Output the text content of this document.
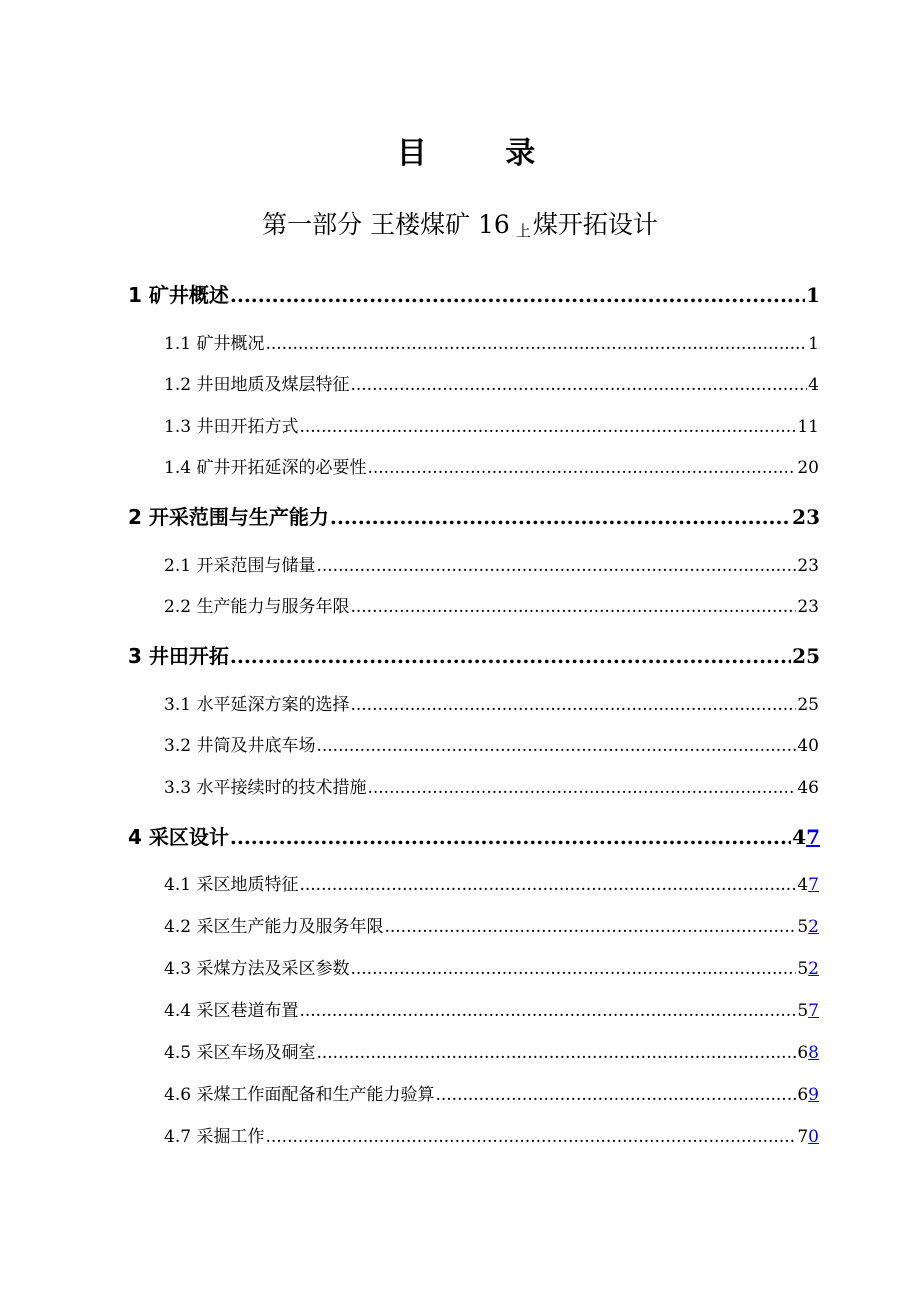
目 录
第一部分 王楼煤矿 16 $_上$煤开拓设计
1 矿井概述 .....	1
1.1 矿井概况 .....	1
1.2 井田地质及煤层特征 .....	4
1.3 井田开拓方式 .....	11
1.4 矿井开拓延深的必要性 .....	20
2 开采范围与生产能力 .....	23
2.1 开采范围与储量 .....	23
2.2 生产能力与服务年限 .....	23
3 井田开拓 .....	25
3.1 水平延深方案的选择 .....	25
3.2 井筒及井底车场 .....	40
3.3 水平接续时的技术措施 .....	46
4 采区设计 .....	47
4.1 采区地质特征 .....	47
4.2 采区生产能力及服务年限 .....	52
4.3 采煤方法及采区参数 .....	52
4.4 采区巷道布置 .....	57
4.5 采区车场及硐室 .....	68
4.6 采煤工作面配备和生产能力验算 .....	69
4.7 采掘工作 .....	70
